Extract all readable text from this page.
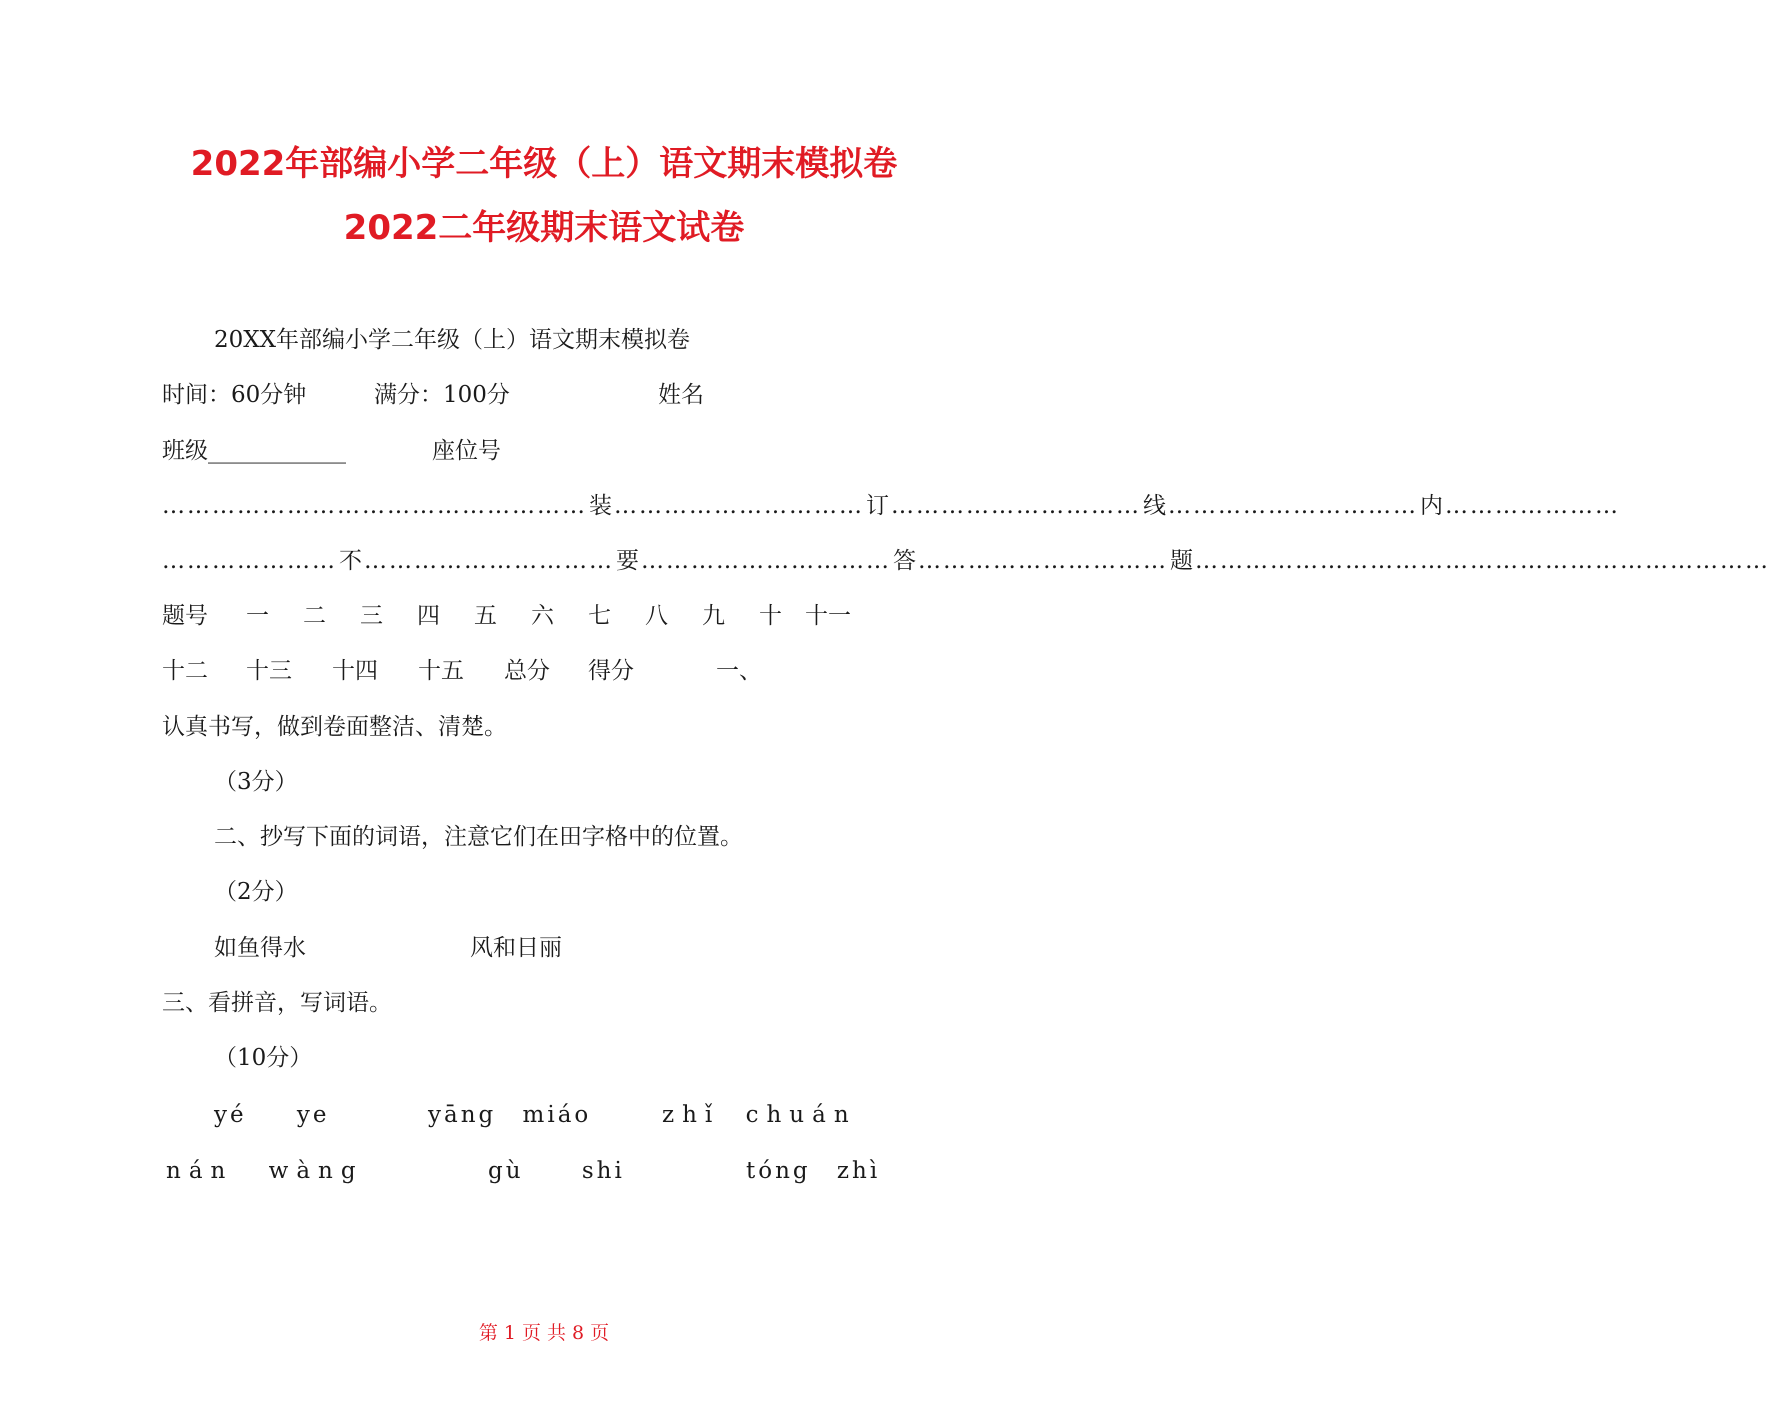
2022年部编小学二年级（上）语文期末模拟卷
2022二年级期末语文试卷
20XX年部编小学二年级（上）语文期末模拟卷
时间：60分钟	满分：100分	姓名
班级____________	座位号
…………………………………………… 装 ………………………… 订 ………………………… 线 ………………………… 内 …………………
………………… 不 ………………………… 要 ………………………… 答 ………………………… 题 ……………………………………………………………
题号	一	二	三	四	五	六	七	八	九	十	十一
十二	十三	十四	十五	总分	得分	一、
认真书写，做到卷面整洁、清楚。
（3分）
二、抄写下面的词语，注意它们在田字格中的位置。
（2分）
如鱼得水	风和日丽
三、看拼音，写词语。
（10分）
yé ye	yāng miáo	zhǐ chuán
nán wàng	gù shi	tóng zhì
第 1 页 共 8 页
